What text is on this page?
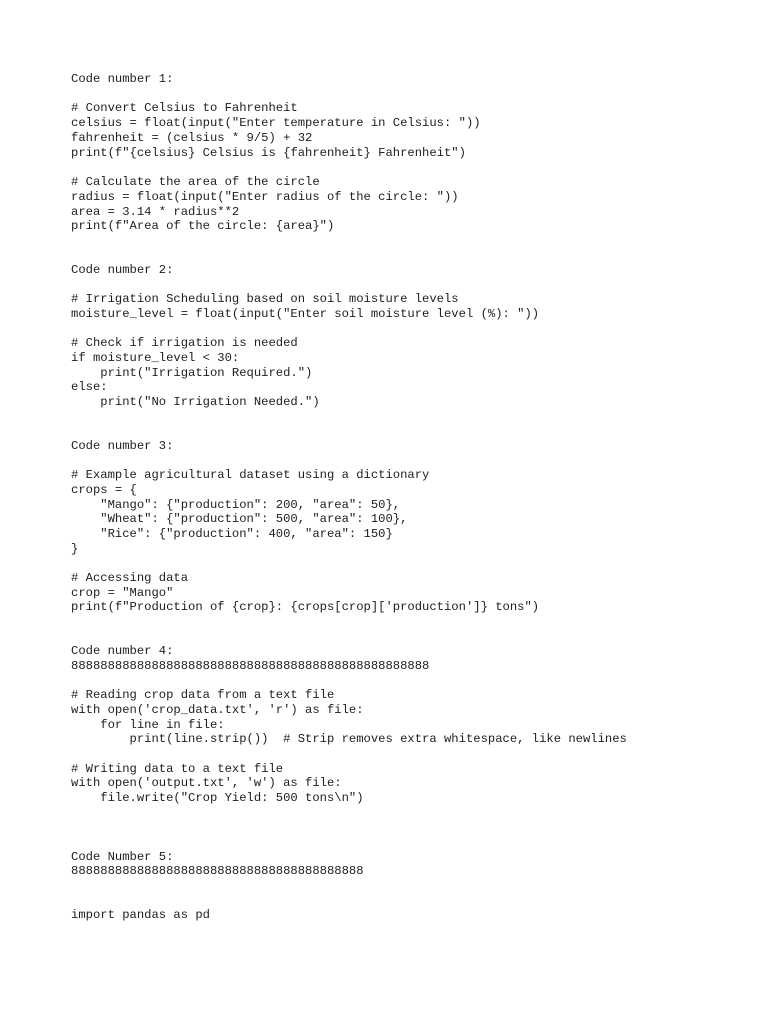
Code number 1:

# Convert Celsius to Fahrenheit

celsius = float(input("Enter temperature in Celsius: "))

fahrenheit = (celsius * 9/5) + 32

print(f"{celsius} Celsius is {fahrenheit} Fahrenheit")

# Calculate the area of the circle

radius = float(input("Enter radius of the circle: "))

area = 3.14 * radius**2

print(f"Area of the circle: {area}")

Code number 2:

# Irrigation Scheduling based on soil moisture levels

moisture_level = float(input("Enter soil moisture level (%): "))

# Check if irrigation is needed

if moisture_level < 30:

print("Irrigation Required.")

else:

print("No Irrigation Needed.")

Code number 3:

# Example agricultural dataset using a dictionary

crops = {

"Mango": {"production": 200, "area": 50},

"Wheat": {"production": 500, "area": 100},

"Rice": {"production": 400, "area": 150}

}

# Accessing data

crop = "Mango"

print(f"Production of {crop}: {crops[crop]['production']} tons")

Code number 4:

8888888888888888888888888888888888888888888888888

# Reading crop data from a text file

with open('crop_data.txt', 'r') as file:

for line in file:

print(line.strip())  # Strip removes extra whitespace, like newlines

# Writing data to a text file

with open('output.txt', 'w') as file:

file.write("Crop Yield: 500 tons\n")

Code Number 5:

8888888888888888888888888888888888888888

import pandas as pd
